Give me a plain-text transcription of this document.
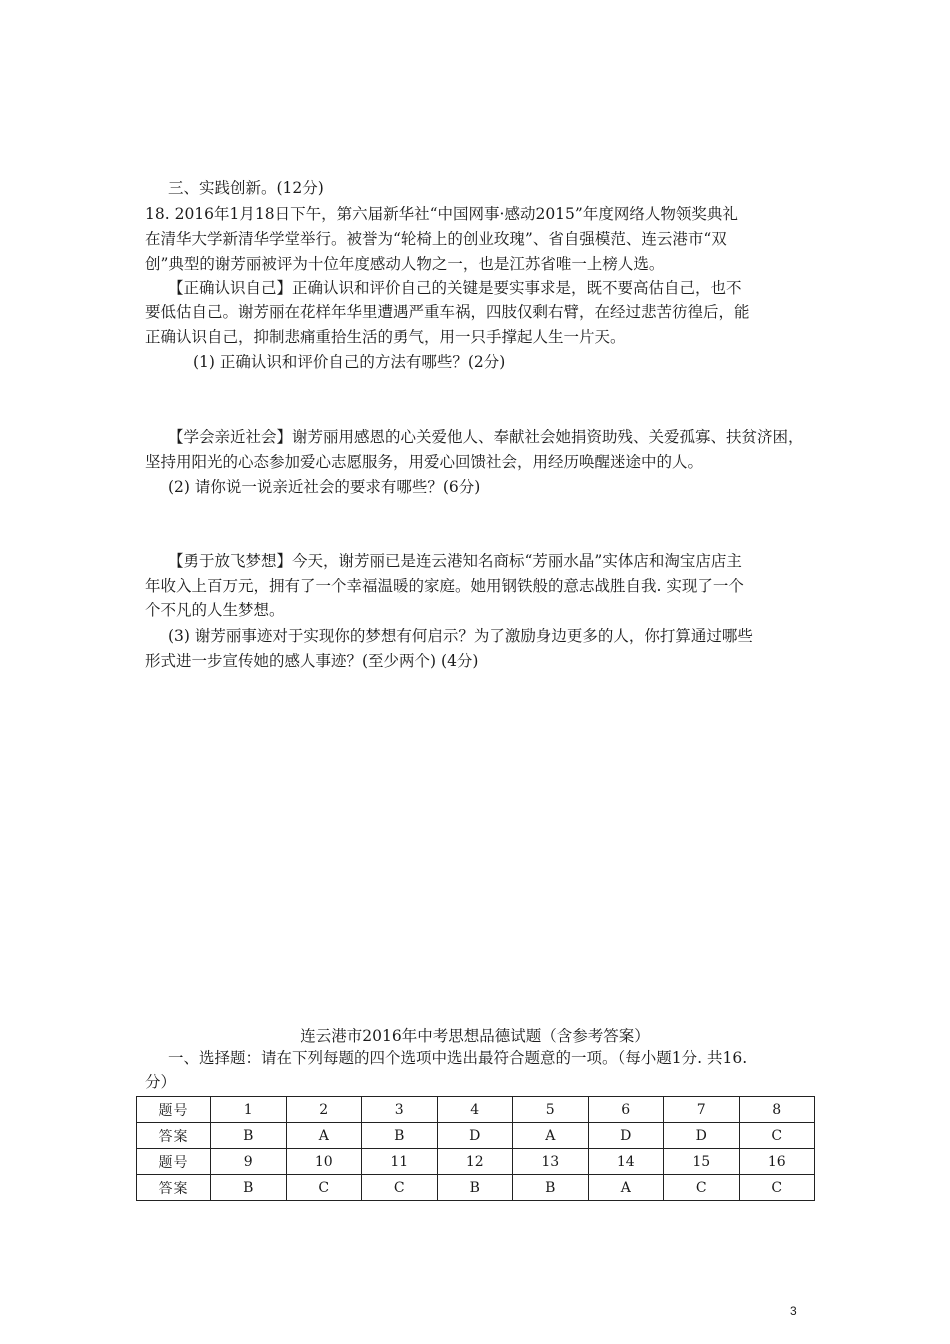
三、实践创新。(12分)
18. 2016年1月18日下午，第六届新华社“中国网事·感动2015”年度网络人物领奖典礼
在清华大学新清华学堂举行。被誉为“轮椅上的创业玫瑰”、省自强模范、连云港市“双
创”典型的谢芳丽被评为十位年度感动人物之一，也是江苏省唯一上榜人选。
【正确认识自己】正确认识和评价自己的关键是要实事求是，既不要高估自己，也不
要低估自己。谢芳丽在花样年华里遭遇严重车祸，四肢仅剩右臂，在经过悲苦彷徨后，能
正确认识自己，抑制悲痛重拾生活的勇气，用一只手撑起人生一片天。
(1) 正确认识和评价自己的方法有哪些？(2分)
【学会亲近社会】谢芳丽用感恩的心关爱他人、奉献社会她捐资助残、关爱孤寡、扶贫济困，
坚持用阳光的心态参加爱心志愿服务，用爱心回馈社会，用经历唤醒迷途中的人。
(2) 请你说一说亲近社会的要求有哪些？(6分)
【勇于放飞梦想】今天，谢芳丽已是连云港知名商标“芳丽水晶”实体店和淘宝店店主
年收入上百万元，拥有了一个幸福温暖的家庭。她用钢铁般的意志战胜自我. 实现了一个
个不凡的人生梦想。
(3) 谢芳丽事迹对于实现你的梦想有何启示？为了激励身边更多的人，你打算通过哪些
形式进一步宣传她的感人事迹？(至少两个) (4分)
连云港市2016年中考思想品德试题（含参考答案）
一、选择题：请在下列每题的四个选项中选出最符合题意的一项。（每小题1分. 共16.
分）
题号	1	2	3	4	5	6	7	8
答案	B	A	B	D	A	D	D	C
题号	9	10	11	12	13	14	15	16
答案	B	C	C	B	B	A	C	C
3
